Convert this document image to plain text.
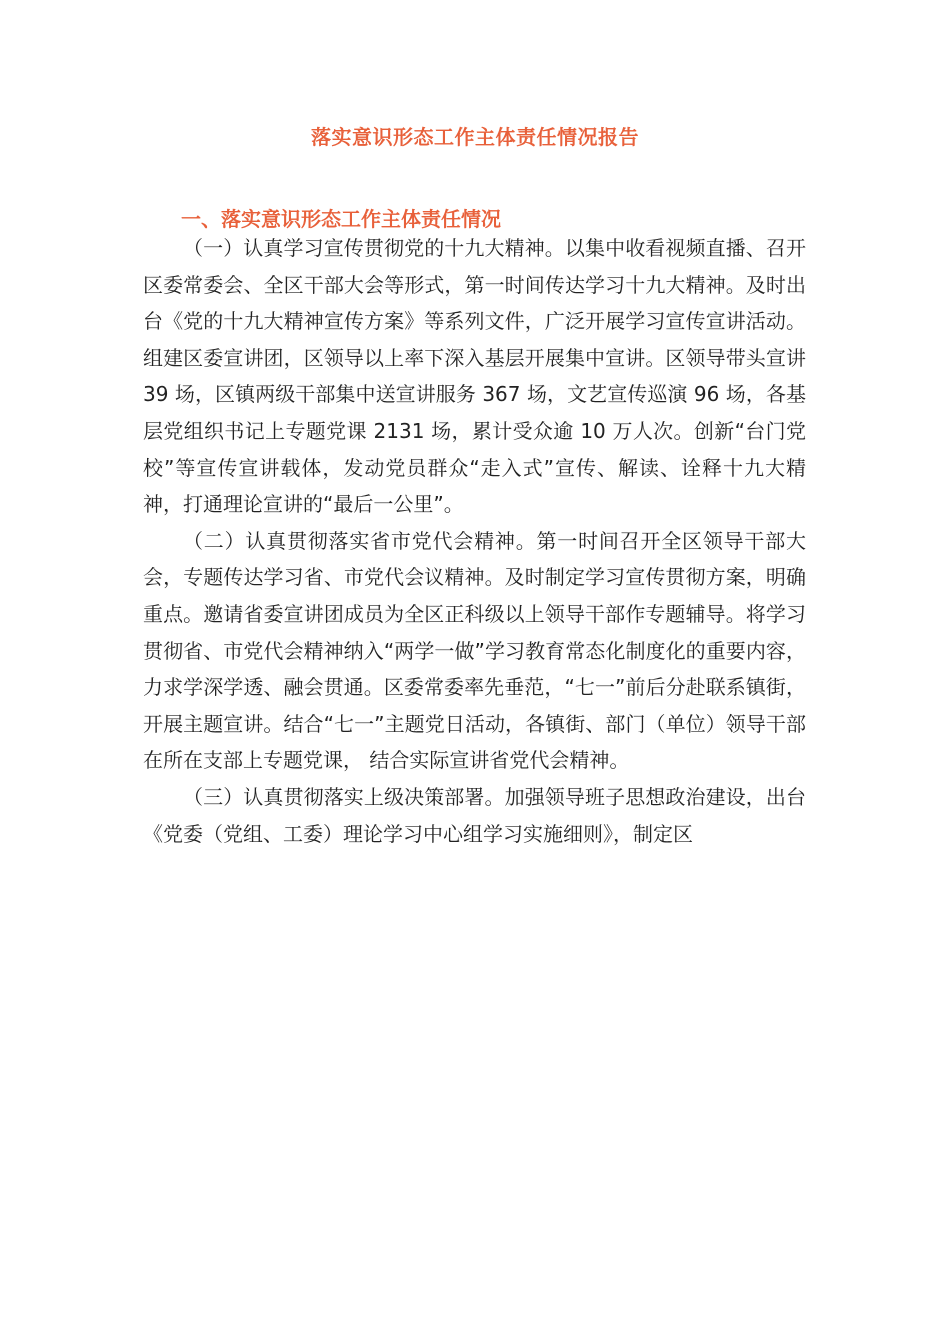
落实意识形态工作主体责任情况报告
一、落实意识形态工作主体责任情况

（一）认真学习宣传贯彻党的十九大精神。以集中收看视频直播、召开区委常委会、全区干部大会等形式，第一时间传达学习十九大精神。及时出台《党的十九大精神宣传方案》等系列文件，广泛开展学习宣传宣讲活动。组建区委宣讲团，区领导以上率下深入基层开展集中宣讲。区领导带头宣讲 39 场，区镇两级干部集中送宣讲服务 367 场，文艺宣传巡演 96 场，各基层党组织书记上专题党课 2131 场，累计受众逾 10 万人次。创新“台门党校”等宣传宣讲载体，发动党员群众“走入式”宣传、解读、诠释十九大精神，打通理论宣讲的“最后一公里”。

（二）认真贯彻落实省市党代会精神。第一时间召开全区领导干部大会，专题传达学习省、市党代会议精神。及时制定学习宣传贯彻方案，明确重点。邀请省委宣讲团成员为全区正科级以上领导干部作专题辅导。将学习贯彻省、市党代会精神纳入“两学一做”学习教育常态化制度化的重要内容，力求学深学透、融会贯通。区委常委率先垂范，“七一”前后分赴联系镇街，开展主题宣讲。结合“七一”主题党日活动，各镇街、部门（单位）领导干部在所在支部上专题党课， 结合实际宣讲省党代会精神。

（三）认真贯彻落实上级决策部署。加强领导班子思想政治建设，出台《党委（党组、工委）理论学习中心组学习实施细则》，制定区
